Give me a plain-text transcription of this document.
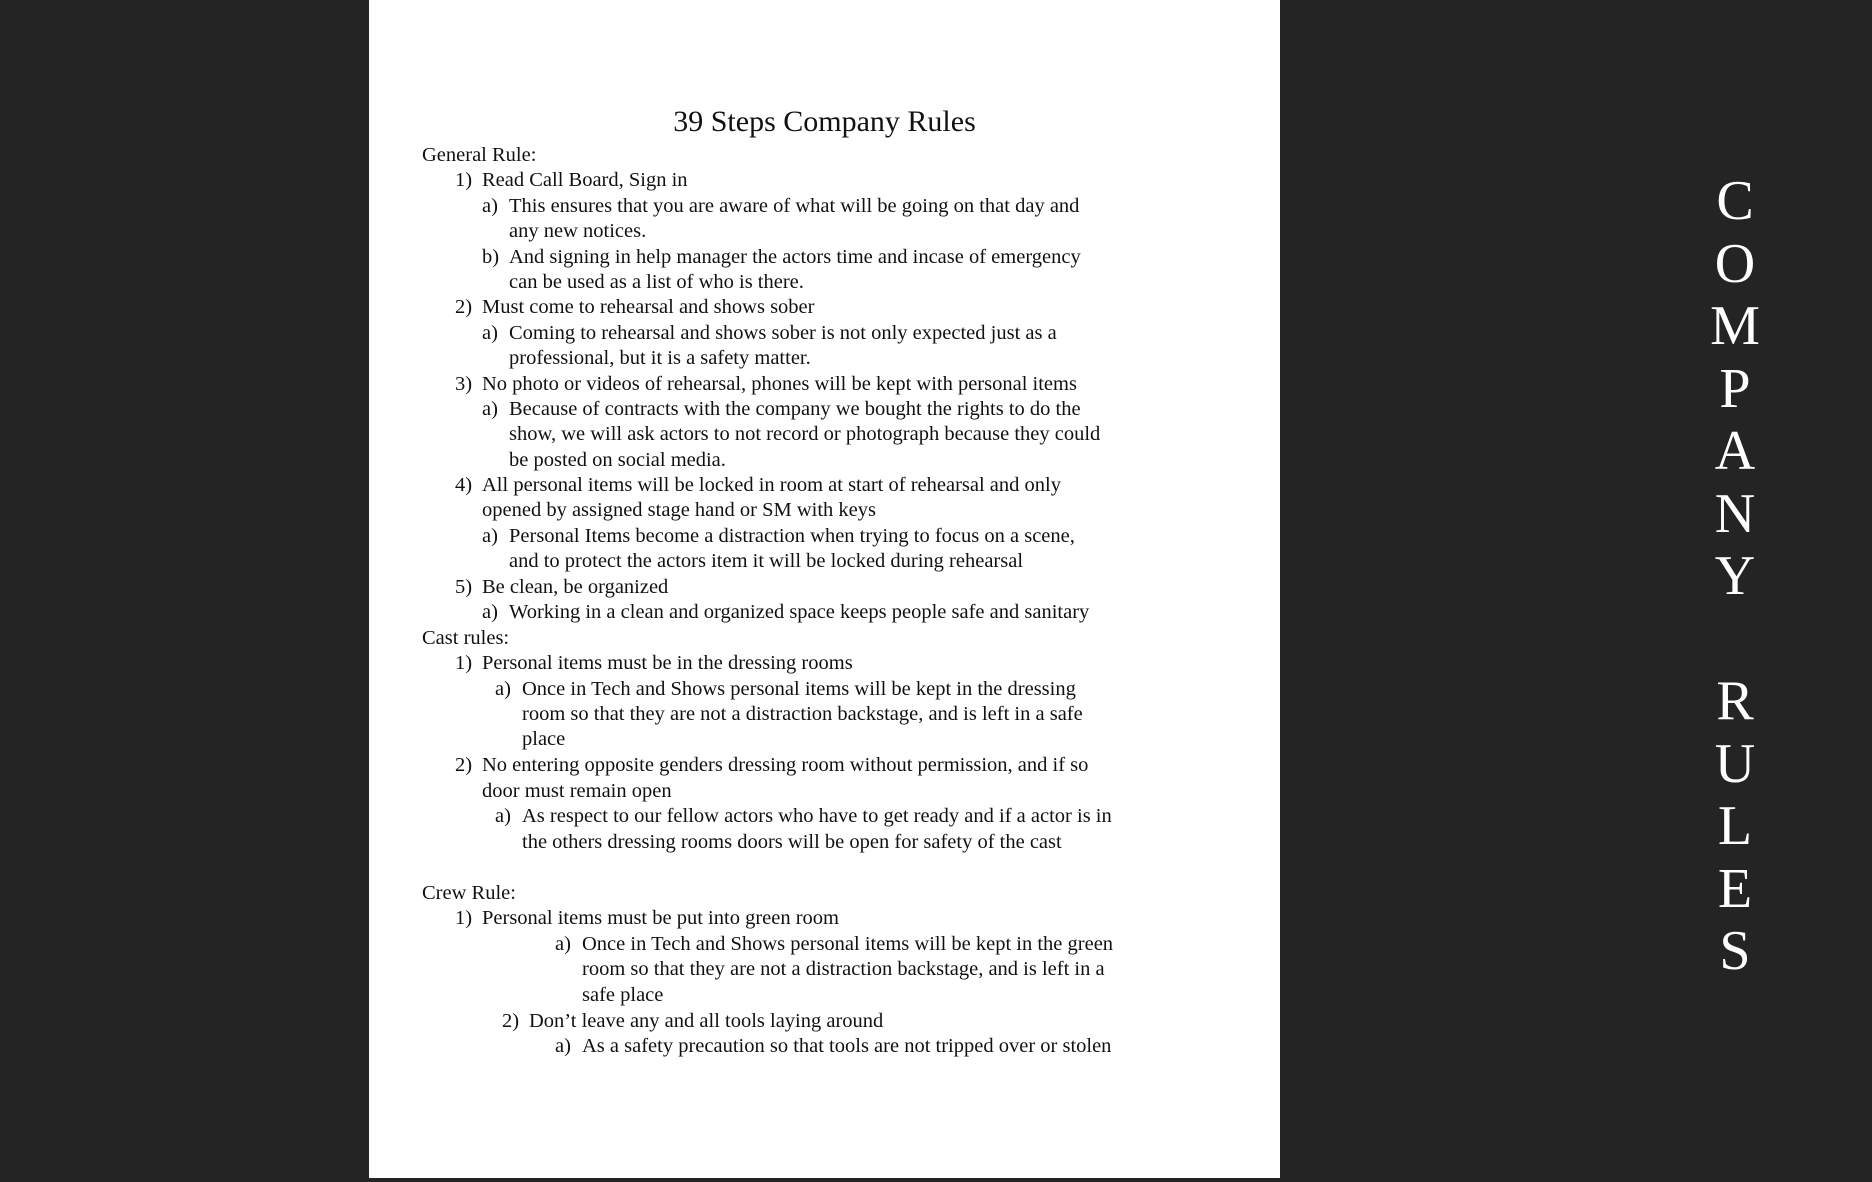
39 Steps Company Rules
General Rule:
1) Read Call Board, Sign in
a) This ensures that you are aware of what will be going on that day and
any new notices.
b) And signing in help manager the actors time and incase of emergency
can be used as a list of who is there.
2) Must come to rehearsal and shows sober
a) Coming to rehearsal and shows sober is not only expected just as a
professional, but it is a safety matter.
3) No photo or videos of rehearsal, phones will be kept with personal items
a) Because of contracts with the company we bought the rights to do the
show, we will ask actors to not record or photograph because they could
be posted on social media.
4) All personal items will be locked in room at start of rehearsal and only
opened by assigned stage hand or SM with keys
a) Personal Items become a distraction when trying to focus on a scene,
and to protect the actors item it will be locked during rehearsal
5) Be clean, be organized
a) Working in a clean and organized space keeps people safe and sanitary
Cast rules:
1) Personal items must be in the dressing rooms
a) Once in Tech and Shows personal items will be kept in the dressing
room so that they are not a distraction backstage, and is left in a safe
place
2) No entering opposite genders dressing room without permission, and if so
door must remain open
a) As respect to our fellow actors who have to get ready and if a actor is in
the others dressing rooms doors will be open for safety of the cast
Crew Rule:
1) Personal items must be put into green room
a) Once in Tech and Shows personal items will be kept in the green
room so that they are not a distraction backstage, and is left in a
safe place
2) Don’t leave any and all tools laying around
a) As a safety precaution so that tools are not tripped over or stolen
C
O
M
P
A
N
Y
R
U
L
E
S
